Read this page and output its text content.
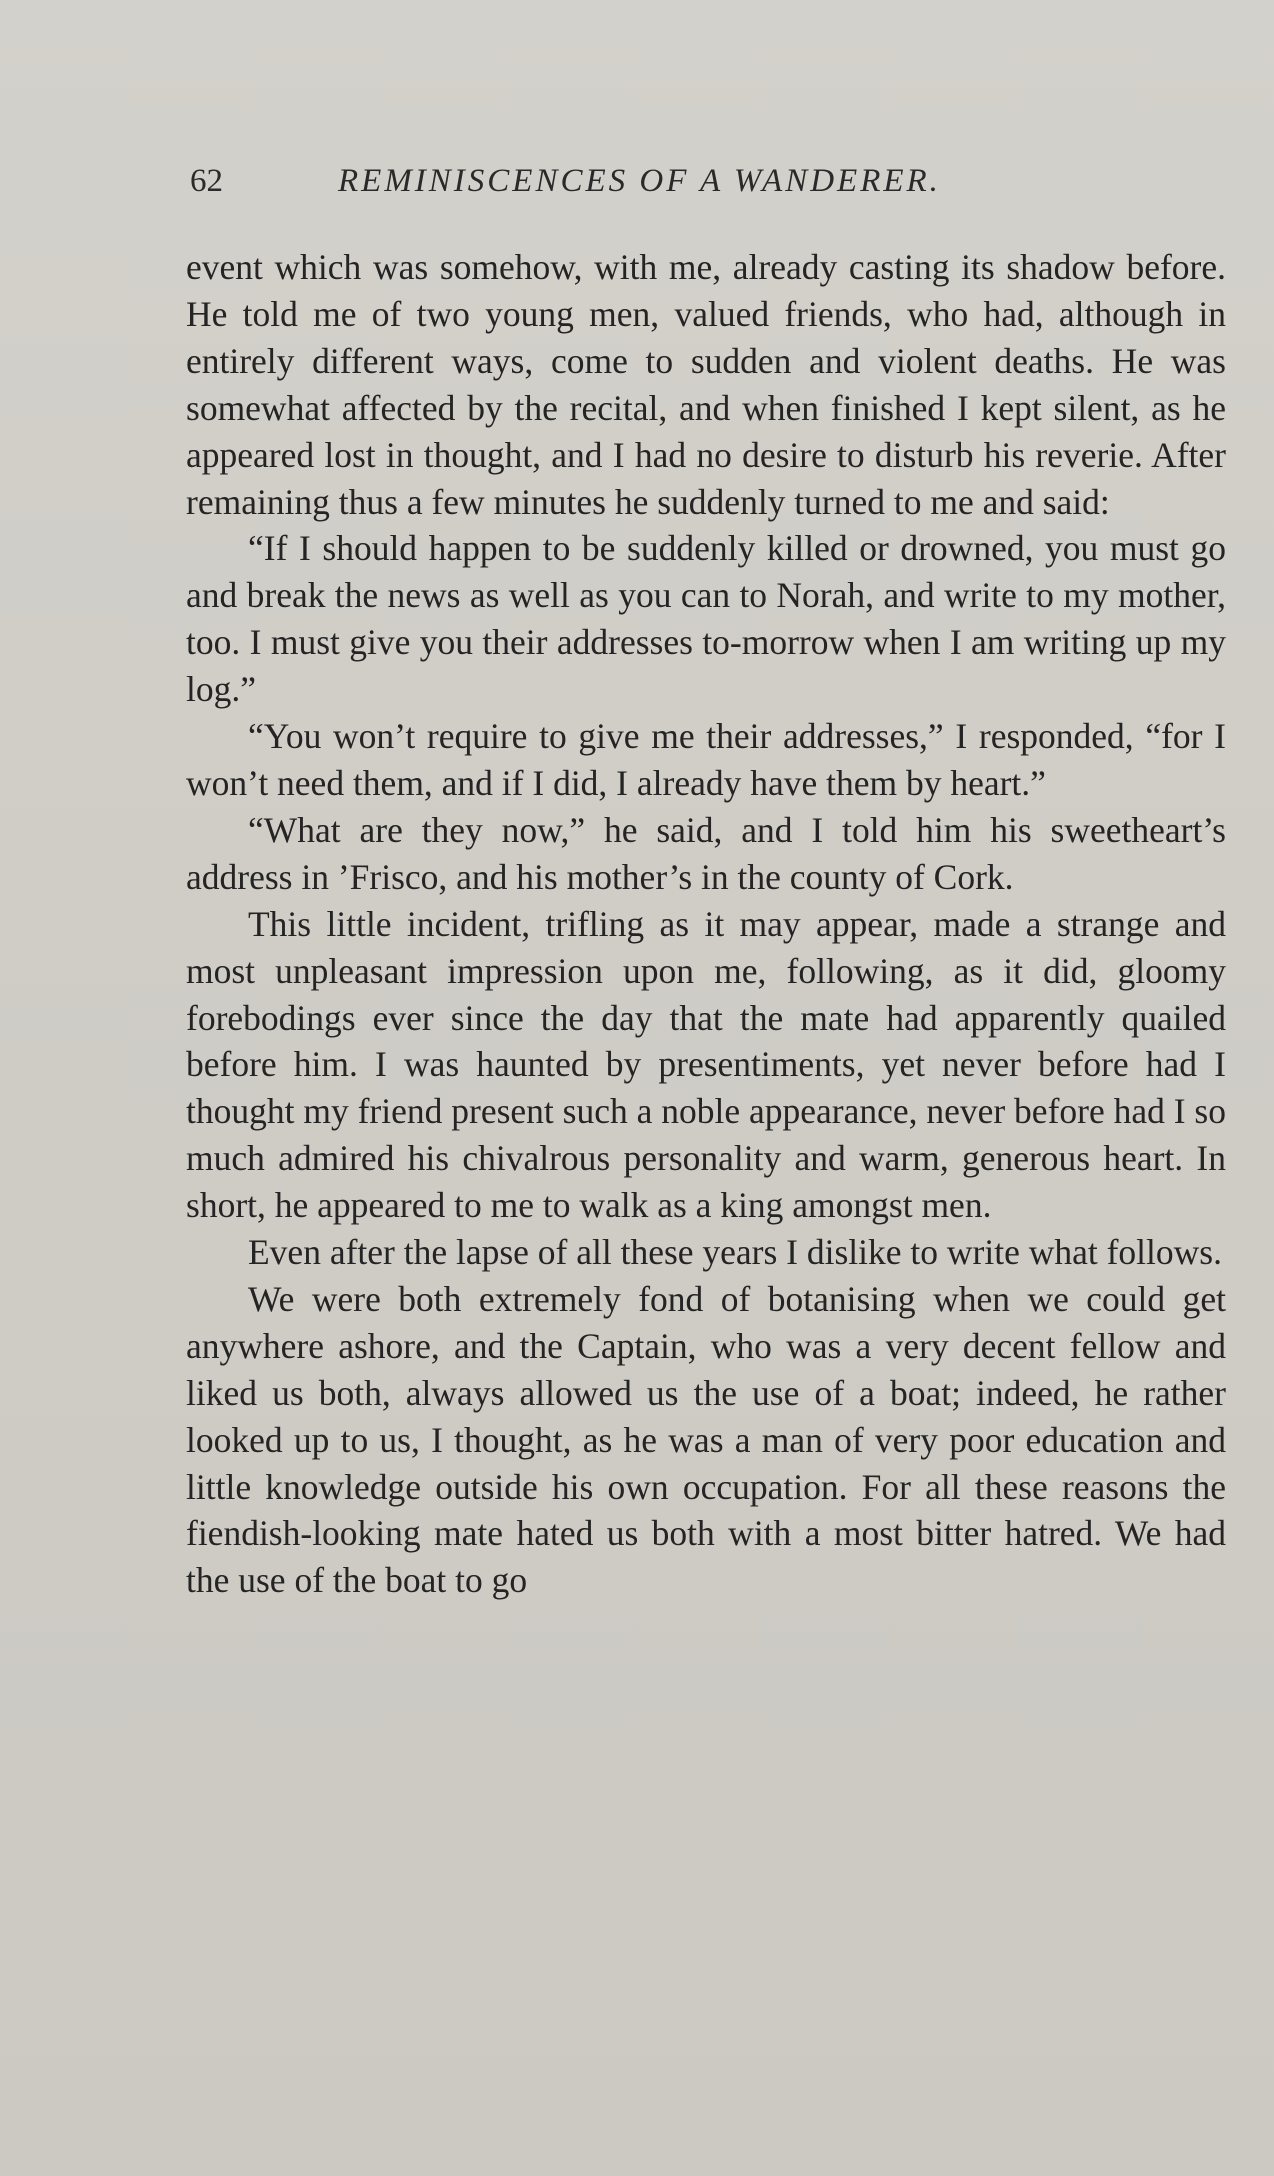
62	REMINISCENCES OF A WANDERER.

event which was somehow, with me, already casting its shadow before. He told me of two young men, valued friends, who had, although in entirely different ways, come to sudden and violent deaths. He was somewhat affected by the recital, and when finished I kept silent, as he appeared lost in thought, and I had no desire to disturb his reverie. After remaining thus a few minutes he suddenly turned to me and said:

“If I should happen to be suddenly killed or drowned, you must go and break the news as well as you can to Norah, and write to my mother, too. I must give you their addresses to-morrow when I am writing up my log.”

“You won’t require to give me their addresses,” I responded, “for I won’t need them, and if I did, I already have them by heart.”

“What are they now,” he said, and I told him his sweetheart’s address in ’Frisco, and his mother’s in the county of Cork.

This little incident, trifling as it may appear, made a strange and most unpleasant impression upon me, following, as it did, gloomy forebodings ever since the day that the mate had apparently quailed before him. I was haunted by presentiments, yet never before had I thought my friend present such a noble appearance, never before had I so much admired his chivalrous personality and warm, generous heart. In short, he appeared to me to walk as a king amongst men.

Even after the lapse of all these years I dislike to write what follows.

We were both extremely fond of botanising when we could get anywhere ashore, and the Captain, who was a very decent fellow and liked us both, always allowed us the use of a boat; indeed, he rather looked up to us, I thought, as he was a man of very poor education and little knowledge outside his own occupation. For all these reasons the fiendish-looking mate hated us both with a most bitter hatred. We had the use of the boat to go
